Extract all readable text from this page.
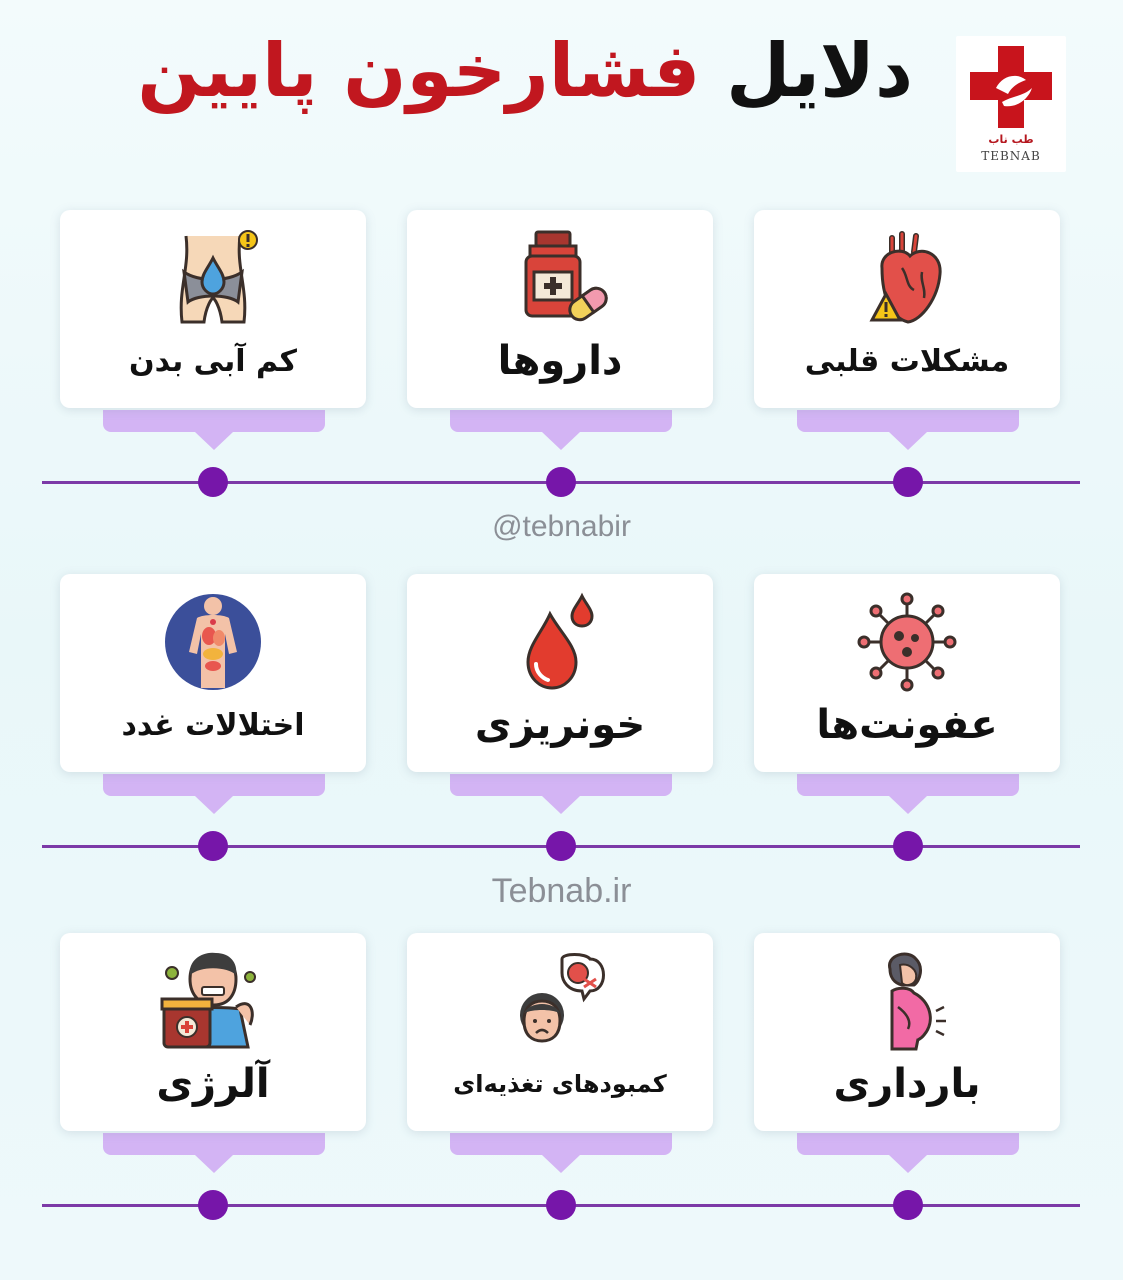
دلایل فشارخون پایین
طب ناب
TEBNAB
کم آبی بدن	داروها	مشکلات قلبی
@tebnabir
اختلالات غدد	خونریزی	عفونت‌ها
Tebnab.ir
آلرژی	کمبودهای تغذیه‌ای	بارداری
